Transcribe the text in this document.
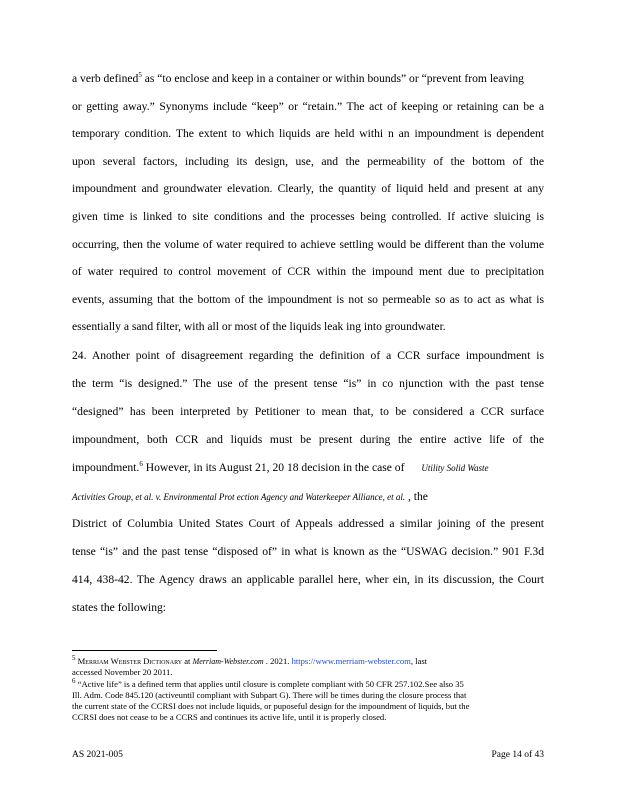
a verb defined$^5$ as “to enclose and keep in a container or within bounds” or “prevent from leaving
or getting away.” Synonyms include “keep” or “retain.” The act of keeping or retaining can be a
temporary condition. The extent to which liquids are held withi n an impoundment is dependent
upon several factors, including its design, use, and the permeability of the bottom of the
impoundment and groundwater elevation. Clearly, the quantity of liquid held and present at any
given time is linked to site conditions and the processes being controlled. If active sluicing is
occurring, then the volume of water required to achieve settling would be different than the volume
of water required to control movement of CCR within the impound ment due to precipitation
events, assuming that the bottom of the impoundment is not so permeable so as to act as what is
essentially a sand filter, with all or most of the liquids leak ing into groundwater.
24. Another point of disagreement regarding the definition of a CCR surface impoundment is
the term “is designed.” The use of the present tense “is” in co njunction with the past tense
“designed” has been interpreted by Petitioner to mean that, to be considered a CCR surface
impoundment, both CCR and liquids must be present during the entire active life of the
impoundment.$^6$ However, in its August 21, 20 18 decision in the case of Utility Solid Waste
Activities Group, et al. v. Environmental Prot ection Agency and Waterkeeper Alliance, et al. , the
District of Columbia United States Court of Appeals addressed a similar joining of the present
tense “is” and the past tense “disposed of” in what is known as the “USWAG decision.” 901 F.3d
414, 438-42. The Agency draws an applicable parallel here, wher ein, in its discussion, the Court
states the following:
$^5$ Merriam Webster Dictionary at Merriam-Webster.com . 2021. https://www.merriam-webster.com, last
accessed November 20 2011.
$^6$ “Active life” is a defined term that applies until closure is complete compliant with 50 CFR 257.102.See also 35
Ill. Adm. Code 845.120 (activeuntil compliant with Subpart G). There will be times during the closure process that
the current state of the CCRSI does not include liquids, or puposeful design for the impoundment of liquids, but the
CCRSI does not cease to be a CCRS and continues its active life, until it is properly closed.
AS 2021-005	Page 14 of 43
